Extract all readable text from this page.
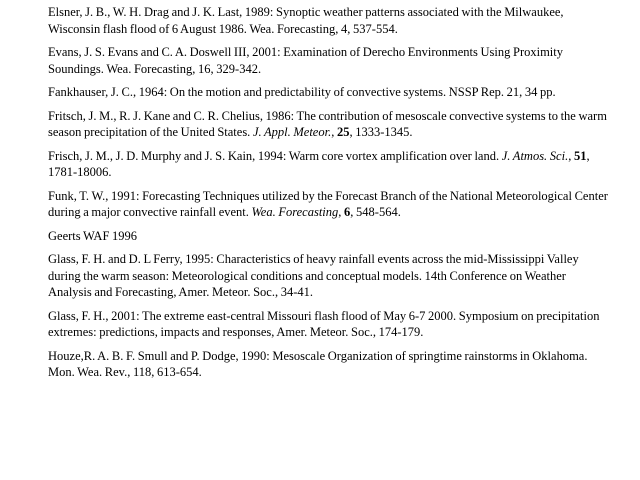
Elsner, J. B., W. H. Drag and J. K. Last, 1989: Synoptic weather patterns associated with the Milwaukee, Wisconsin flash flood of 6 August 1986. Wea. Forecasting, 4, 537-554.

Evans, J. S. Evans and C. A. Doswell III, 2001: Examination of Derecho Environments Using Proximity Soundings. Wea. Forecasting, 16, 329-342.

Fankhauser, J. C., 1964: On the motion and predictability of convective systems. NSSP Rep. 21, 34 pp.

Fritsch, J. M., R. J. Kane and C. R. Chelius, 1986: The contribution of mesoscale convective systems to the warm season precipitation of the United States. J. Appl. Meteor., 25, 1333-1345.

Frisch, J. M., J. D. Murphy and J. S. Kain, 1994: Warm core vortex amplification over land. J. Atmos. Sci., 51, 1781-18006.

Funk, T. W., 1991: Forecasting Techniques utilized by the Forecast Branch of the National Meteorological Center during a major convective rainfall event. Wea. Forecasting, 6, 548-564.

Geerts WAF 1996

Glass, F. H. and D. L Ferry, 1995: Characteristics of heavy rainfall events across the mid-Mississippi Valley during the warm season: Meteorological conditions and conceptual models. 14th Conference on Weather Analysis and Forecasting, Amer. Meteor. Soc., 34-41.

Glass, F. H., 2001: The extreme east-central Missouri flash flood of May 6-7 2000. Symposium on precipitation extremes: predictions, impacts and responses, Amer. Meteor. Soc., 174-179.

Houze,R. A. B. F. Smull and P. Dodge, 1990: Mesoscale Organization of springtime rainstorms in Oklahoma. Mon. Wea. Rev., 118, 613-654.
